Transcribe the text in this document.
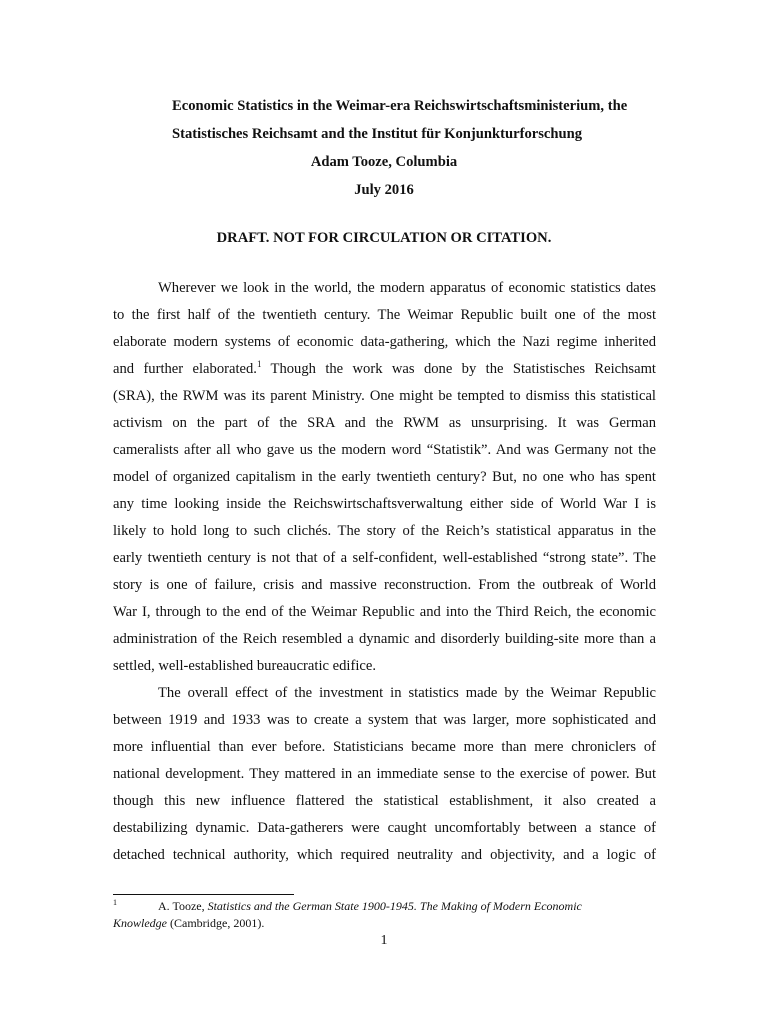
Economic Statistics in the Weimar-era Reichswirtschaftsministerium, the
Statistisches Reichsamt and the Institut für Konjunkturforschung
Adam Tooze, Columbia
July 2016
DRAFT. NOT FOR CIRCULATION OR CITATION.
Wherever we look in the world, the modern apparatus of economic statistics dates
to the first half of the twentieth century. The Weimar Republic built one of the most
elaborate modern systems of economic data-gathering, which the Nazi regime inherited
and further elaborated.$^1$ Though the work was done by the Statistisches Reichsamt
(SRA), the RWM was its parent Ministry. One might be tempted to dismiss this statistical
activism on the part of the SRA and the RWM as unsurprising. It was German
cameralists after all who gave us the modern word “Statistik”. And was Germany not the
model of organized capitalism in the early twentieth century? But, no one who has spent
any time looking inside the Reichswirtschaftsverwaltung either side of World War I is
likely to hold long to such clichés. The story of the Reich’s statistical apparatus in the
early twentieth century is not that of a self-confident, well-established “strong state”. The
story is one of failure, crisis and massive reconstruction. From the outbreak of World
War I, through to the end of the Weimar Republic and into the Third Reich, the economic
administration of the Reich resembled a dynamic and disorderly building-site more than a
settled, well-established bureaucratic edifice.
The overall effect of the investment in statistics made by the Weimar Republic
between 1919 and 1933 was to create a system that was larger, more sophisticated and
more influential than ever before. Statisticians became more than mere chroniclers of
national development. They mattered in an immediate sense to the exercise of power. But
though this new influence flattered the statistical establishment, it also created a
destabilizing dynamic. Data-gatherers were caught uncomfortably between a stance of
detached technical authority, which required neutrality and objectivity, and a logic of
1	A. Tooze, Statistics and the German State 1900-1945. The Making of Modern Economic
Knowledge (Cambridge, 2001).
1
